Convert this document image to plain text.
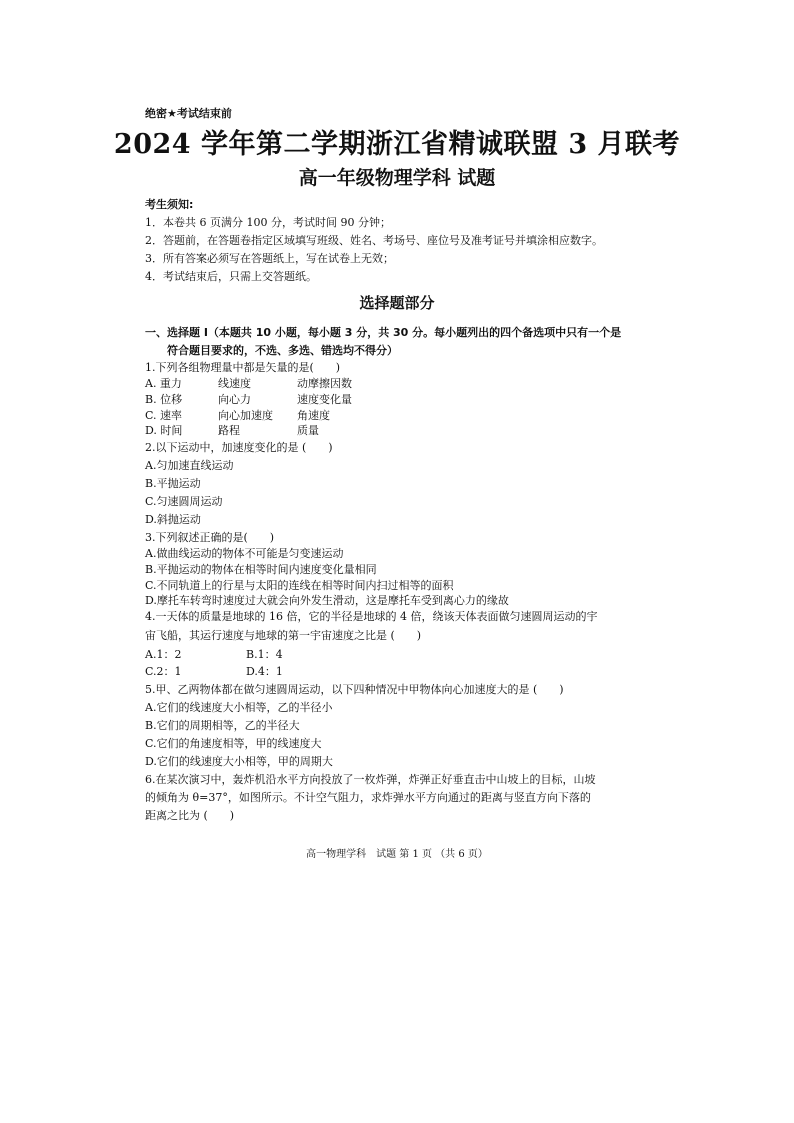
绝密★考试结束前
2024 学年第二学期浙江省精诚联盟 3 月联考
高一年级物理学科 试题
考生须知:
1．本卷共 6 页满分 100 分，考试时间 90 分钟；
2．答题前，在答题卷指定区域填写班级、姓名、考场号、座位号及准考证号并填涂相应数字。
3．所有答案必须写在答题纸上，写在试卷上无效；
4．考试结束后，只需上交答题纸。
选择题部分
一、选择题 I（本题共 10 小题，每小题 3 分，共 30 分。每小题列出的四个备选项中只有一个是
符合题目要求的，不选、多选、错选均不得分）
1.下列各组物理量中都是矢量的是(　　)
A. 重力	线速度	动摩擦因数
B. 位移	向心力	速度变化量
C. 速率	向心加速度 角速度
D. 时间	路程	质量
2.以下运动中，加速度变化的是 (　　)
A.匀加速直线运动
B.平抛运动
C.匀速圆周运动
D.斜抛运动
3.下列叙述正确的是(　　)
A.做曲线运动的物体不可能是匀变速运动
B.平抛运动的物体在相等时间内速度变化量相同
C.不同轨道上的行星与太阳的连线在相等时间内扫过相等的面积
D.摩托车转弯时速度过大就会向外发生滑动，这是摩托车受到离心力的缘故
4.一天体的质量是地球的 16 倍，它的半径是地球的 4 倍，绕该天体表面做匀速圆周运动的宇
宙飞船，其运行速度与地球的第一宇宙速度之比是 (　　)
A.1：2	B.1：4
C.2：1	D.4：1
5.甲、乙两物体都在做匀速圆周运动，以下四种情况中甲物体向心加速度大的是 (　　)
A.它们的线速度大小相等，乙的半径小
B.它们的周期相等，乙的半径大
C.它们的角速度相等，甲的线速度大
D.它们的线速度大小相等，甲的周期大
6.在某次演习中，轰炸机沿水平方向投放了一枚炸弹，炸弹正好垂直击中山坡上的目标，山坡
的倾角为 θ=37°，如图所示。不计空气阻力，求炸弹水平方向通过的距离与竖直方向下落的
距离之比为 (　　)
高一物理学科　试题 第 1 页 （共 6 页）
